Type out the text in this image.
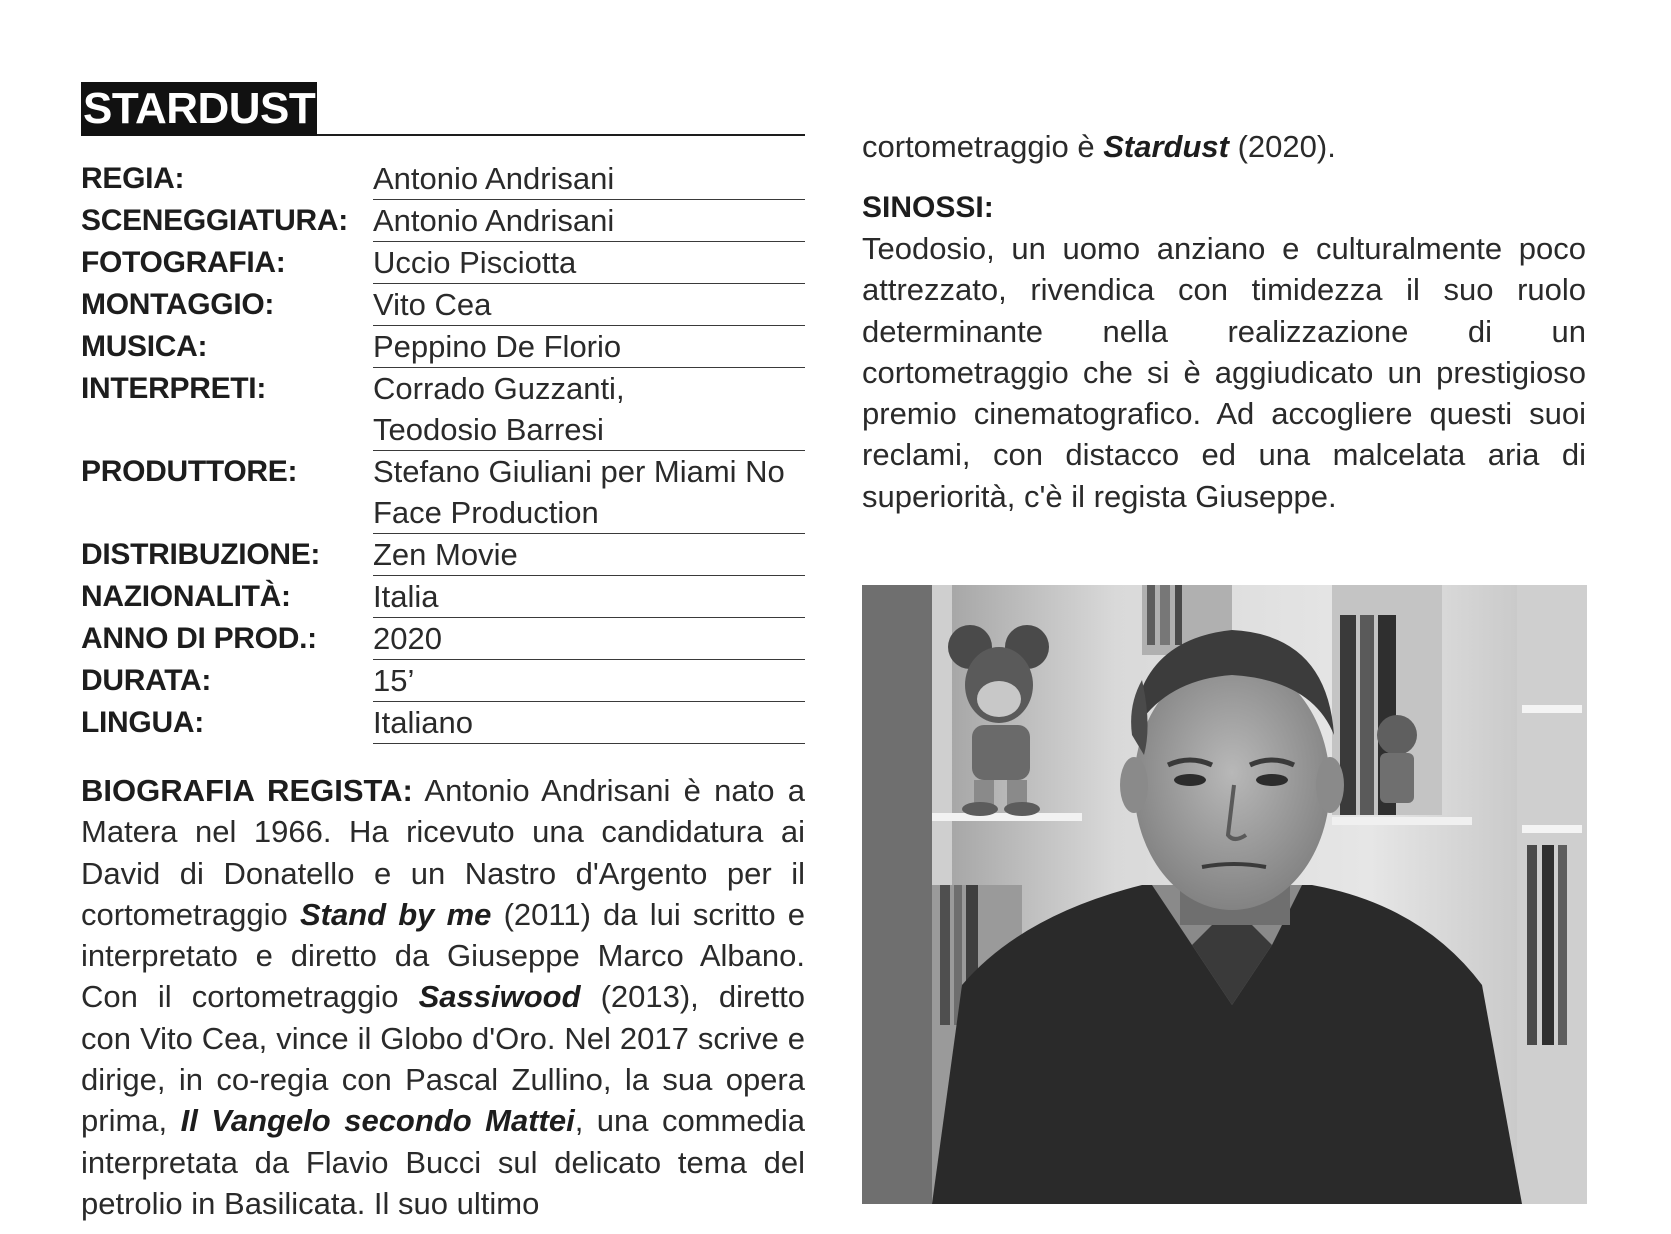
STARDUST
REGIA:	Antonio Andrisani
SCENEGGIATURA: Antonio Andrisani
FOTOGRAFIA:	Uccio Pisciotta
MONTAGGIO:	Vito Cea
MUSICA:	Peppino De Florio
INTERPRETI:	Corrado Guzzanti, Teodosio Barresi
PRODUTTORE:	Stefano Giuliani per Miami No Face Production
DISTRIBUZIONE:	Zen Movie
NAZIONALITÀ:	Italia
ANNO DI PROD.:	2020
DURATA:	15’
LINGUA:	Italiano
BIOGRAFIA REGISTA: Antonio Andrisani è nato a Matera nel 1966. Ha ricevuto una candidatura ai David di Donatello e un Nastro d'Argento per il cortometraggio Stand by me (2011) da lui scritto e interpretato e diretto da Giuseppe Marco Albano. Con il cortometraggio Sassiwood (2013), diretto con Vito Cea, vince il Globo d'Oro. Nel 2017 scrive e dirige, in co-regia con Pascal Zullino, la sua opera prima, Il Vangelo secondo Mattei, una commedia interpretata da Flavio Bucci sul delicato tema del petrolio in Basilicata. Il suo ultimo
cortometraggio è Stardust (2020).
SINOSSI:
Teodosio, un uomo anziano e culturalmente poco attrezzato, rivendica con timidezza il suo ruolo determinante nella realizzazione di un cortometraggio che si è aggiudicato un prestigioso premio cinematografico. Ad accogliere questi suoi reclami, con distacco ed una malcelata aria di superiorità, c'è il regista Giuseppe.
